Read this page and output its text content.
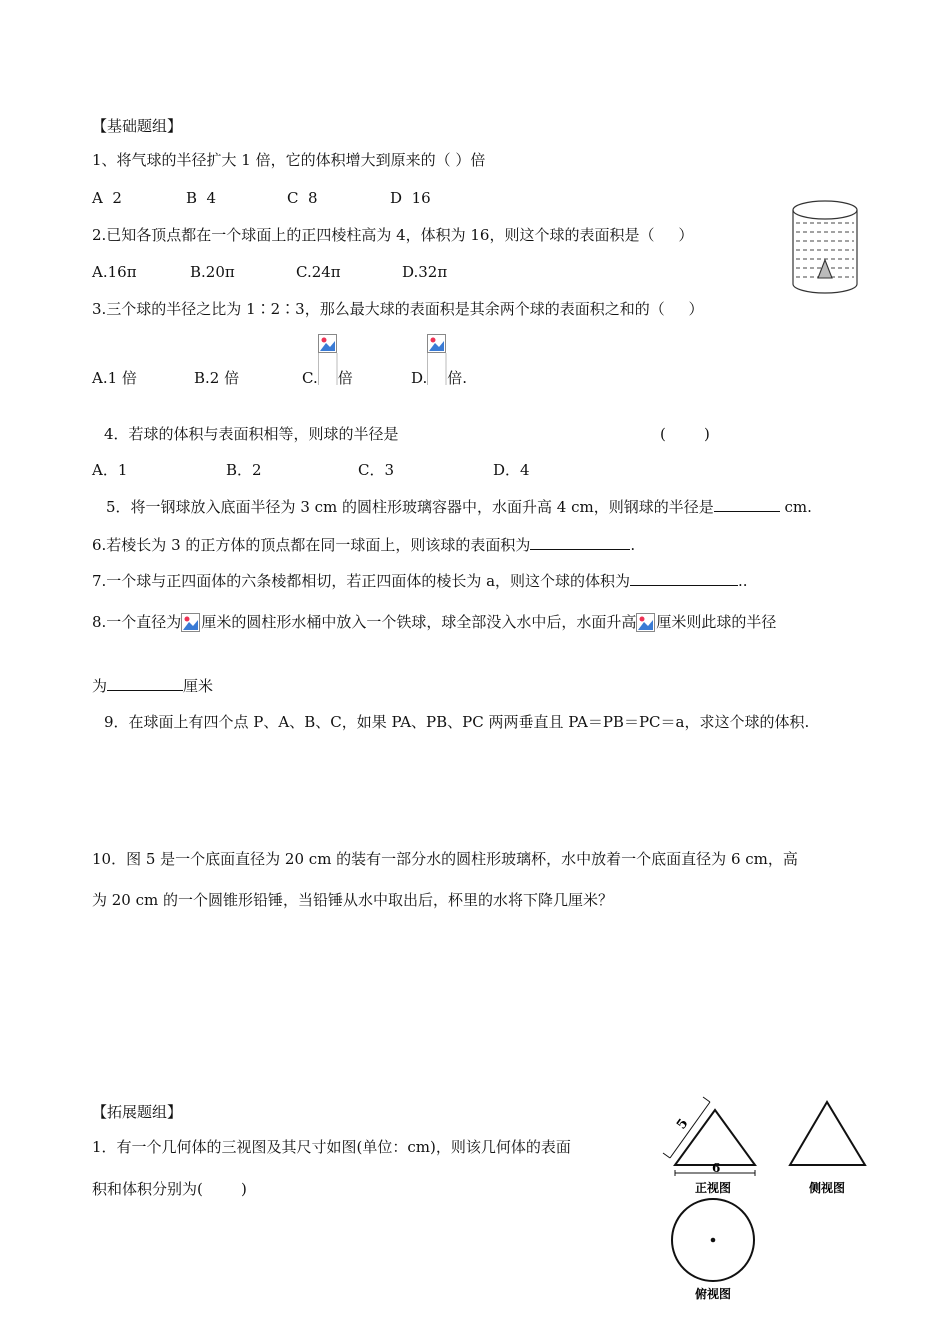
【基础题组】
1、将气球的半径扩大 1 倍，它的体积增大到原来的（ ）倍
A  2	B  4	C  8	D  16
2.已知各顶点都在一个球面上的正四棱柱高为 4，体积为 16，则这个球的表面积是（     ）
A.16π	B.20π	C.24π	D.32π
3.三个球的半径之比为 1∶2∶3，那么最大球的表面积是其余两个球的表面积之和的（     ）
A.1 倍	B.2 倍	C. 倍	D. 倍.
4．若球的体积与表面积相等，则球的半径是	(        )
A．1	B．2	C．3	D．4
5．将一钢球放入底面半径为 3 cm 的圆柱形玻璃容器中，水面升高 4 cm，则钢球的半径是	cm.
6.若棱长为 3 的正方体的顶点都在同一球面上，则该球的表面积为	.
7.一个球与正四面体的六条棱都相切，若正四面体的棱长为 a，则这个球的体积为	..
8.一个直径为 厘米的圆柱形水桶中放入一个铁球，球全部没入水中后，水面升高 厘米则此球的半径
为	厘米
9．在球面上有四个点 P、A、B、C，如果 PA、PB、PC 两两垂直且 PA＝PB＝PC＝a，求这个球的体积.
10．图 5 是一个底面直径为 20 cm 的装有一部分水的圆柱形玻璃杯，水中放着一个底面直径为 6 cm，高
为 20 cm 的一个圆锥形铅锤，当铅锤从水中取出后，杯里的水将下降几厘米？
【拓展题组】
1．有一个几何体的三视图及其尺寸如图(单位：cm)，则该几何体的表面
积和体积分别为(        )
5
6
正视图	侧视图
俯视图
